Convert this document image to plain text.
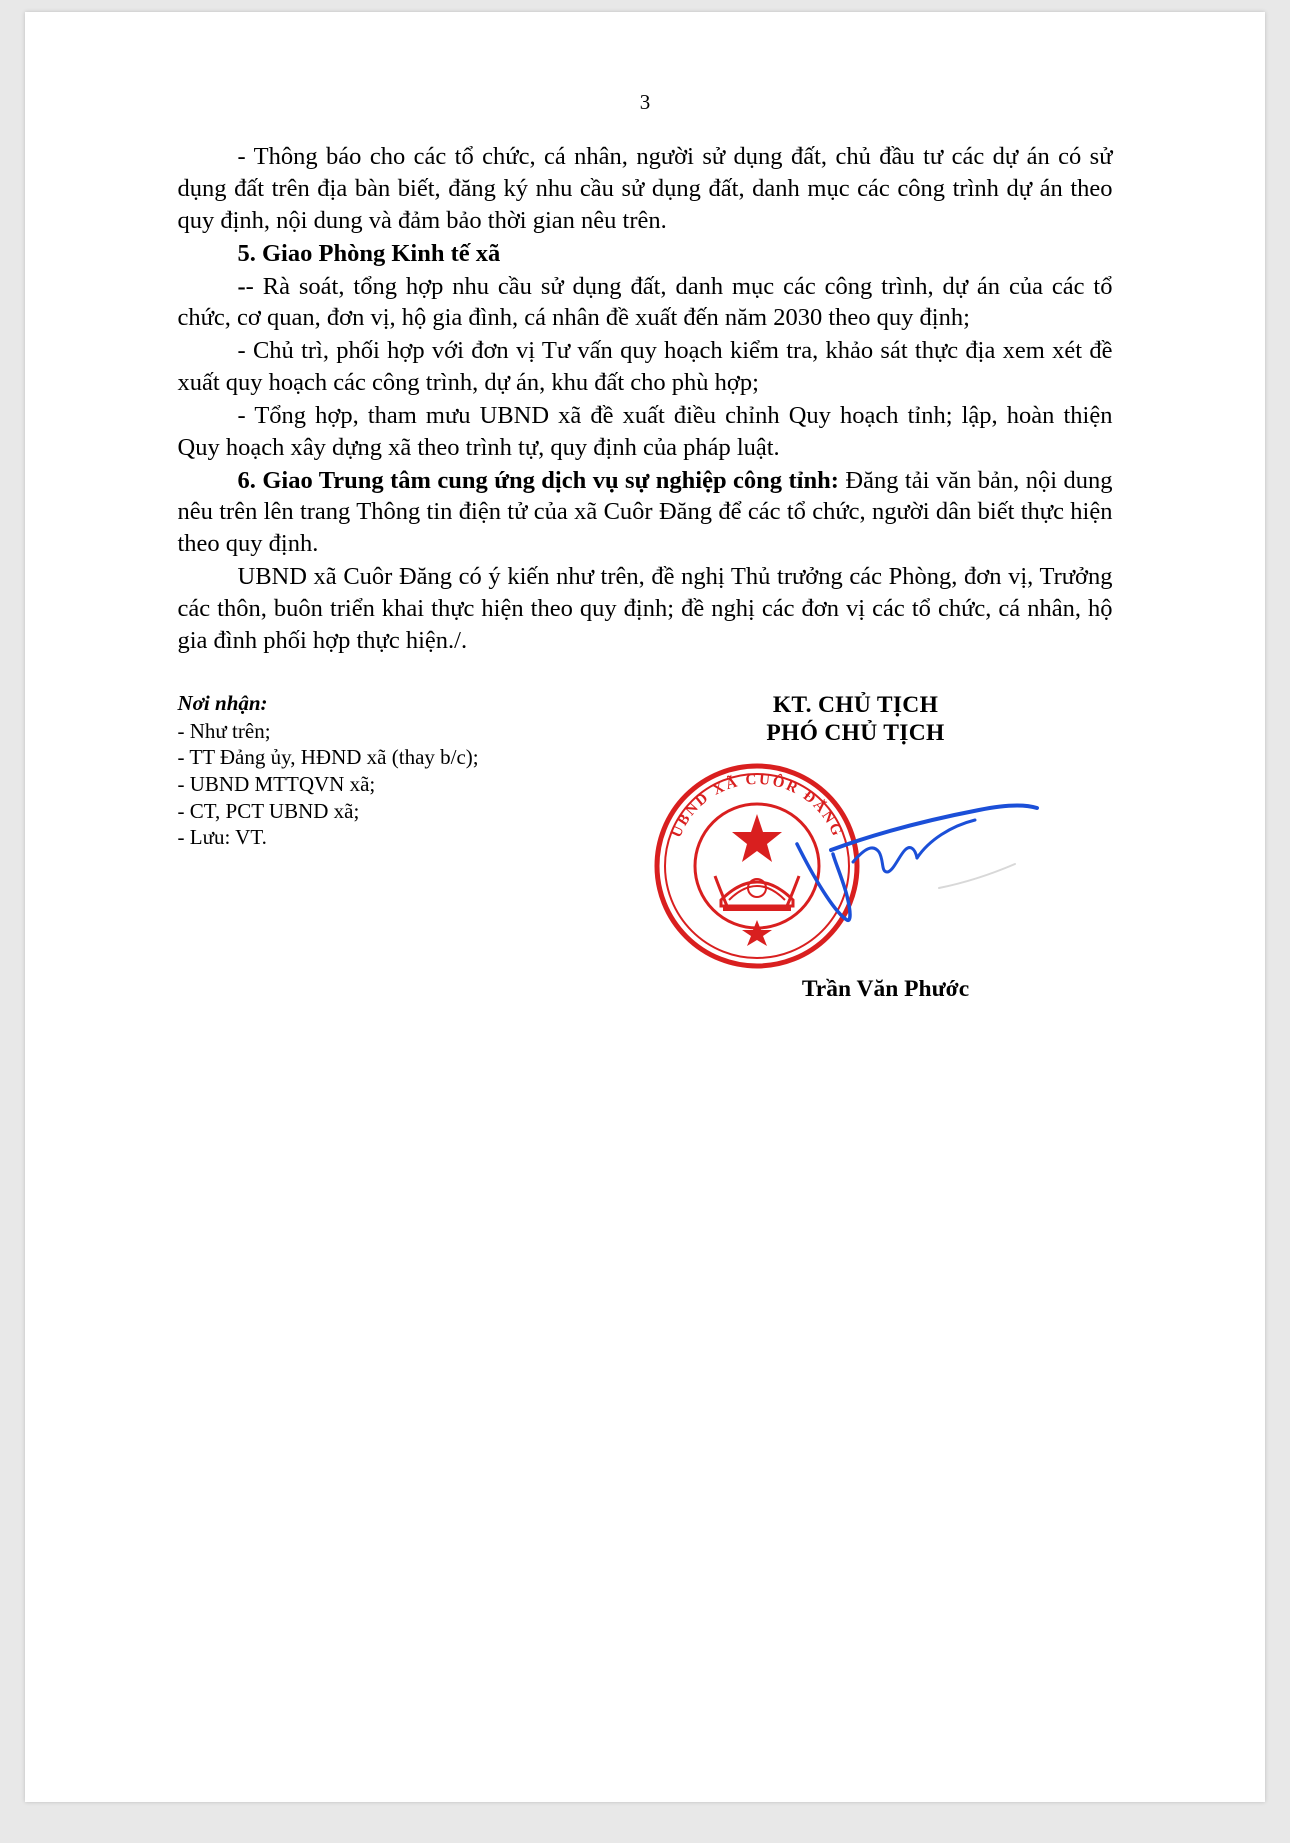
3

- Thông báo cho các tổ chức, cá nhân, người sử dụng đất, chủ đầu tư các dự án có sử dụng đất trên địa bàn biết, đăng ký nhu cầu sử dụng đất, danh mục các công trình dự án theo quy định, nội dung và đảm bảo thời gian nêu trên.

5. Giao Phòng Kinh tế xã

-- Rà soát, tổng hợp nhu cầu sử dụng đất, danh mục các công trình, dự án của các tổ chức, cơ quan, đơn vị, hộ gia đình, cá nhân đề xuất đến năm 2030 theo quy định;

- Chủ trì, phối hợp với đơn vị Tư vấn quy hoạch kiểm tra, khảo sát thực địa xem xét đề xuất quy hoạch các công trình, dự án, khu đất cho phù hợp;

- Tổng hợp, tham mưu UBND xã đề xuất điều chỉnh Quy hoạch tỉnh; lập, hoàn thiện Quy hoạch xây dựng xã theo trình tự, quy định của pháp luật.

6. Giao Trung tâm cung ứng dịch vụ sự nghiệp công tỉnh: Đăng tải văn bản, nội dung nêu trên lên trang Thông tin điện tử của xã Cuôr Đăng để các tổ chức, người dân biết thực hiện theo quy định.

UBND xã Cuôr Đăng có ý kiến như trên, đề nghị Thủ trưởng các Phòng, đơn vị, Trưởng các thôn, buôn triển khai thực hiện theo quy định; đề nghị các đơn vị các tổ chức, cá nhân, hộ gia đình phối hợp thực hiện./.

Nơi nhận:
- Như trên;
- TT Đảng ủy, HĐND xã (thay b/c);
- UBND MTTQVN xã;
- CT, PCT UBND xã;
- Lưu: VT.
KT. CHỦ TỊCH
PHÓ CHỦ TỊCH
UBND XÃ CUÔR ĐĂNG
Trần Văn Phước
